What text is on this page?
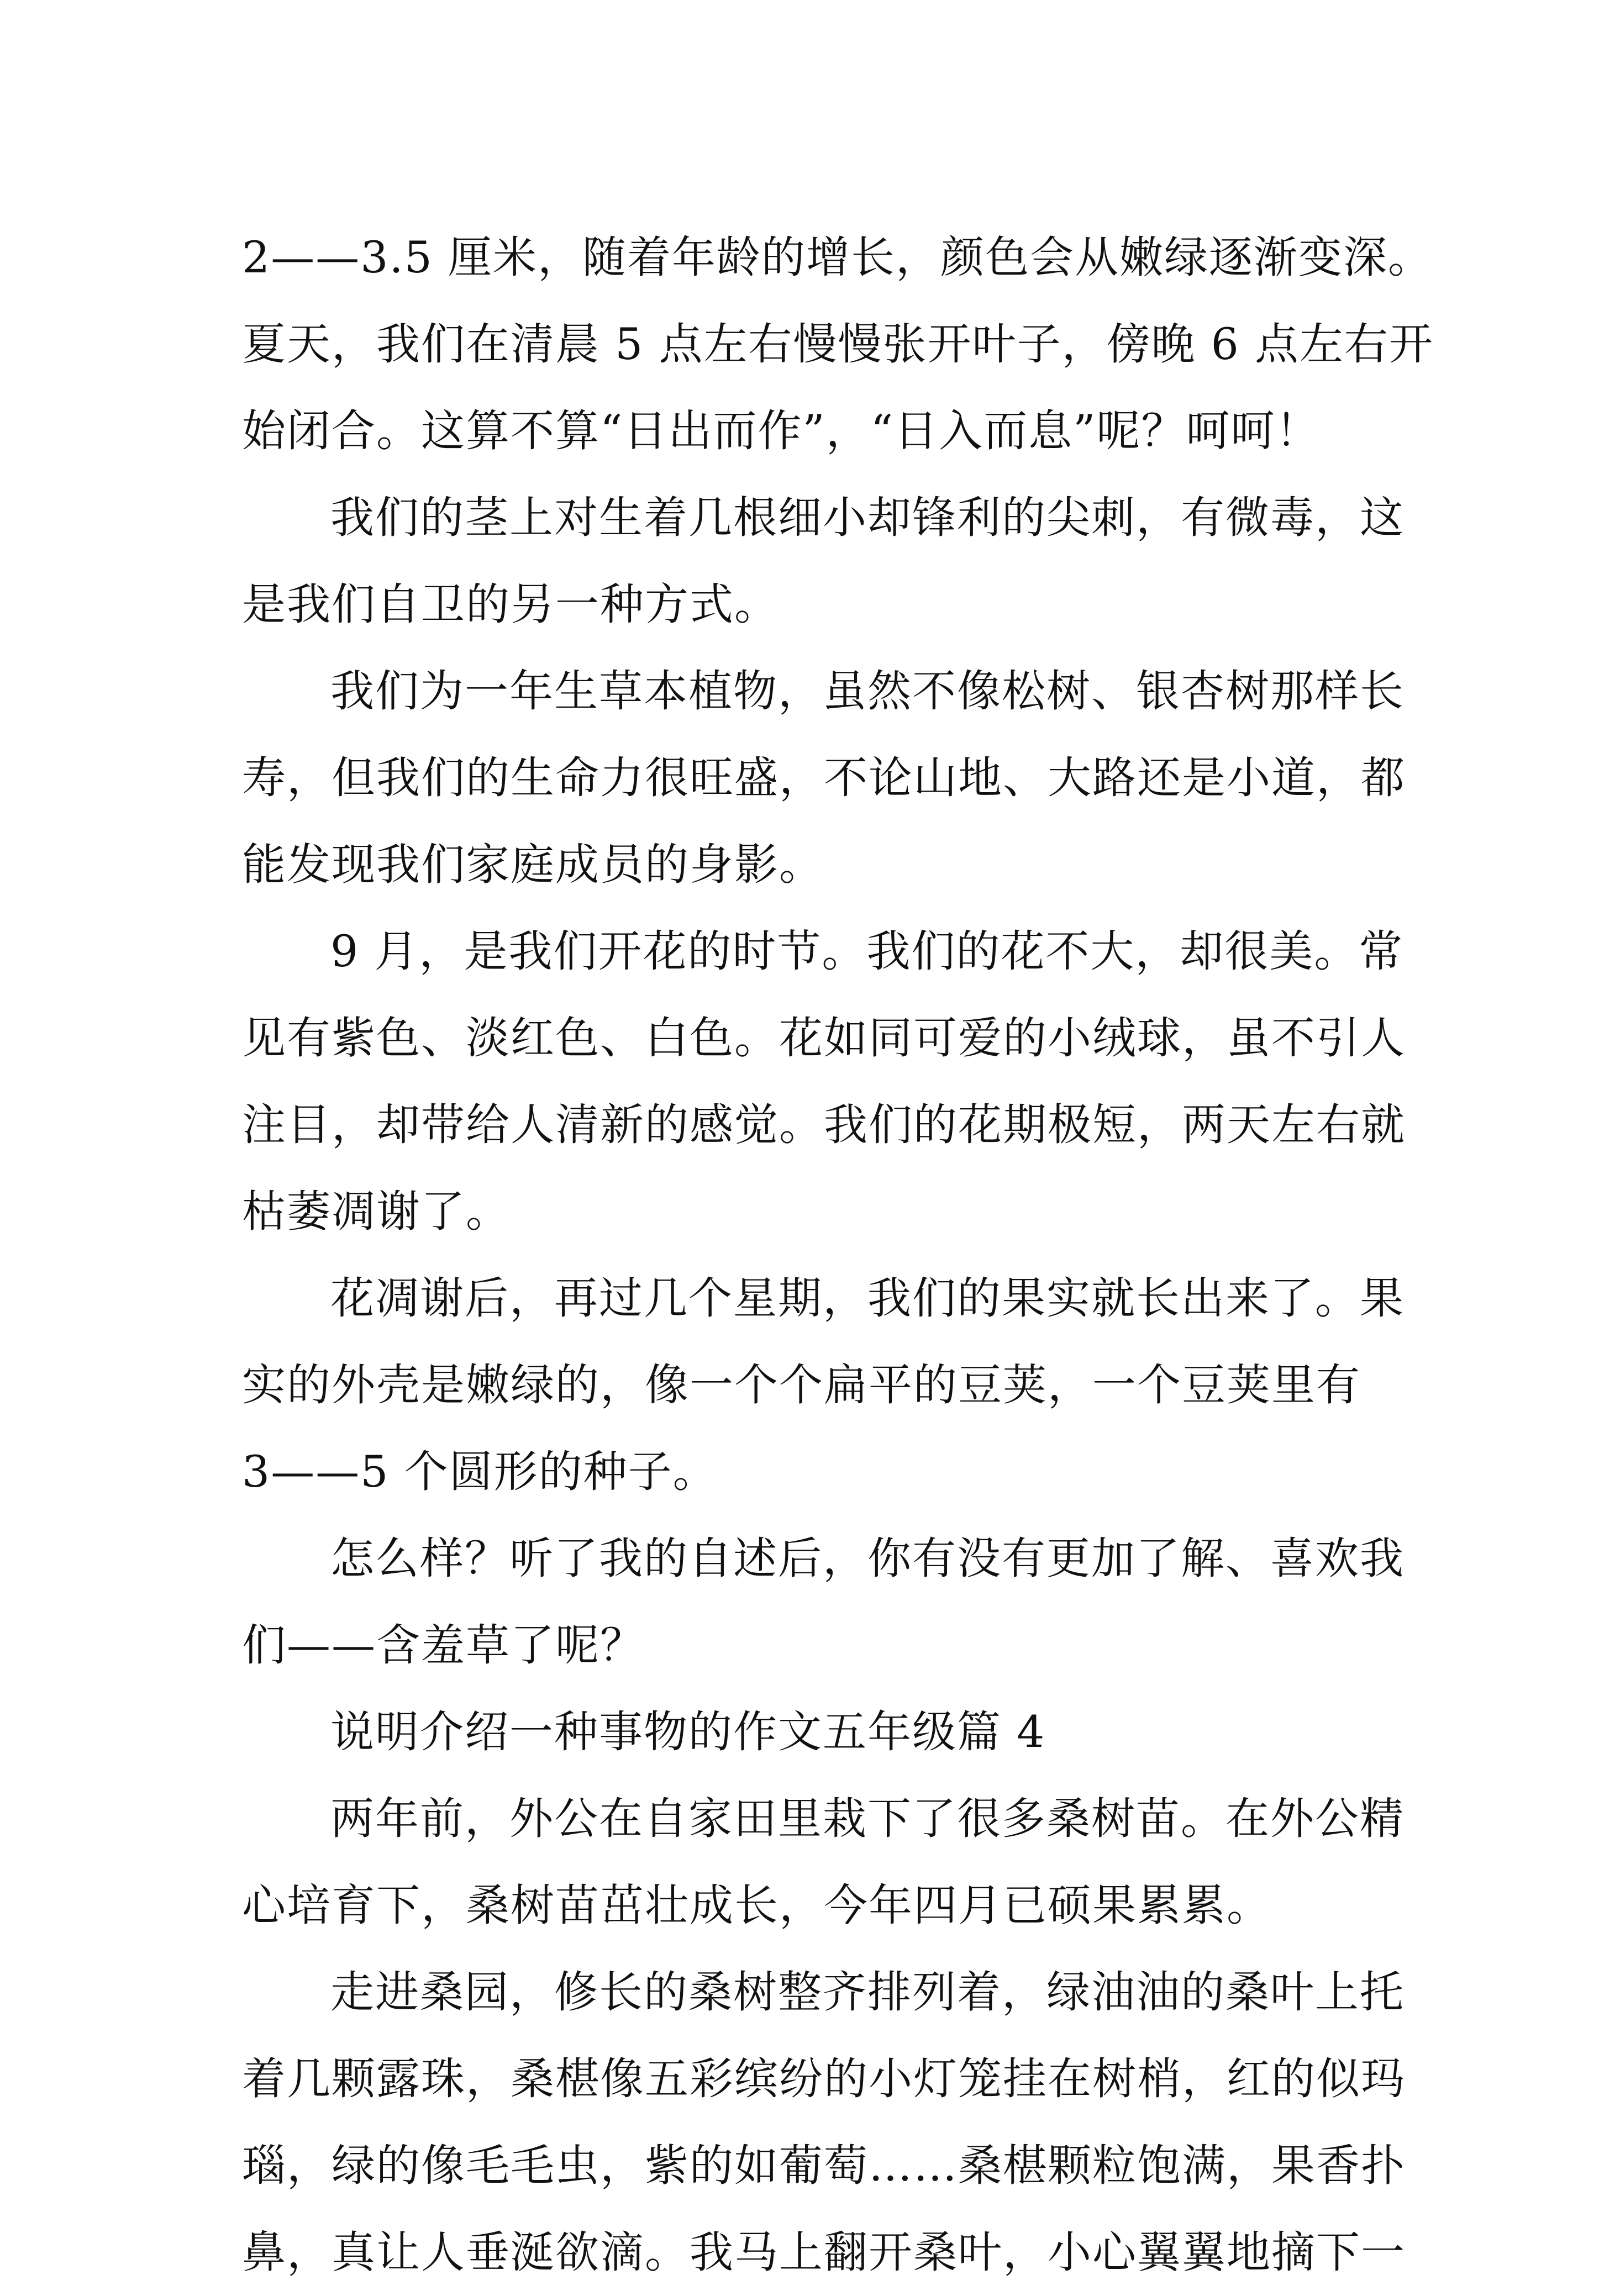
2——3.5 厘米，随着年龄的增长，颜色会从嫩绿逐渐变深。
夏天，我们在清晨 5 点左右慢慢张开叶子，傍晚 6 点左右开
始闭合。这算不算“日出而作”，“日入而息”呢？呵呵！
我们的茎上对生着几根细小却锋利的尖刺，有微毒，这
是我们自卫的另一种方式。
我们为一年生草本植物，虽然不像松树、银杏树那样长
寿，但我们的生命力很旺盛，不论山地、大路还是小道，都
能发现我们家庭成员的身影。
9 月，是我们开花的时节。我们的花不大，却很美。常
见有紫色、淡红色、白色。花如同可爱的小绒球，虽不引人
注目，却带给人清新的感觉。我们的花期极短，两天左右就
枯萎凋谢了。
花凋谢后，再过几个星期，我们的果实就长出来了。果
实的外壳是嫩绿的，像一个个扁平的豆荚，一个豆荚里有
3——5 个圆形的种子。
怎么样？听了我的自述后，你有没有更加了解、喜欢我
们——含羞草了呢？
说明介绍一种事物的作文五年级篇 4
两年前，外公在自家田里栽下了很多桑树苗。在外公精
心培育下，桑树苗茁壮成长，今年四月已硕果累累。
走进桑园，修长的桑树整齐排列着，绿油油的桑叶上托
着几颗露珠，桑椹像五彩缤纷的小灯笼挂在树梢，红的似玛
瑙，绿的像毛毛虫，紫的如葡萄……桑椹颗粒饱满，果香扑
鼻，真让人垂涎欲滴。我马上翻开桑叶，小心翼翼地摘下一
